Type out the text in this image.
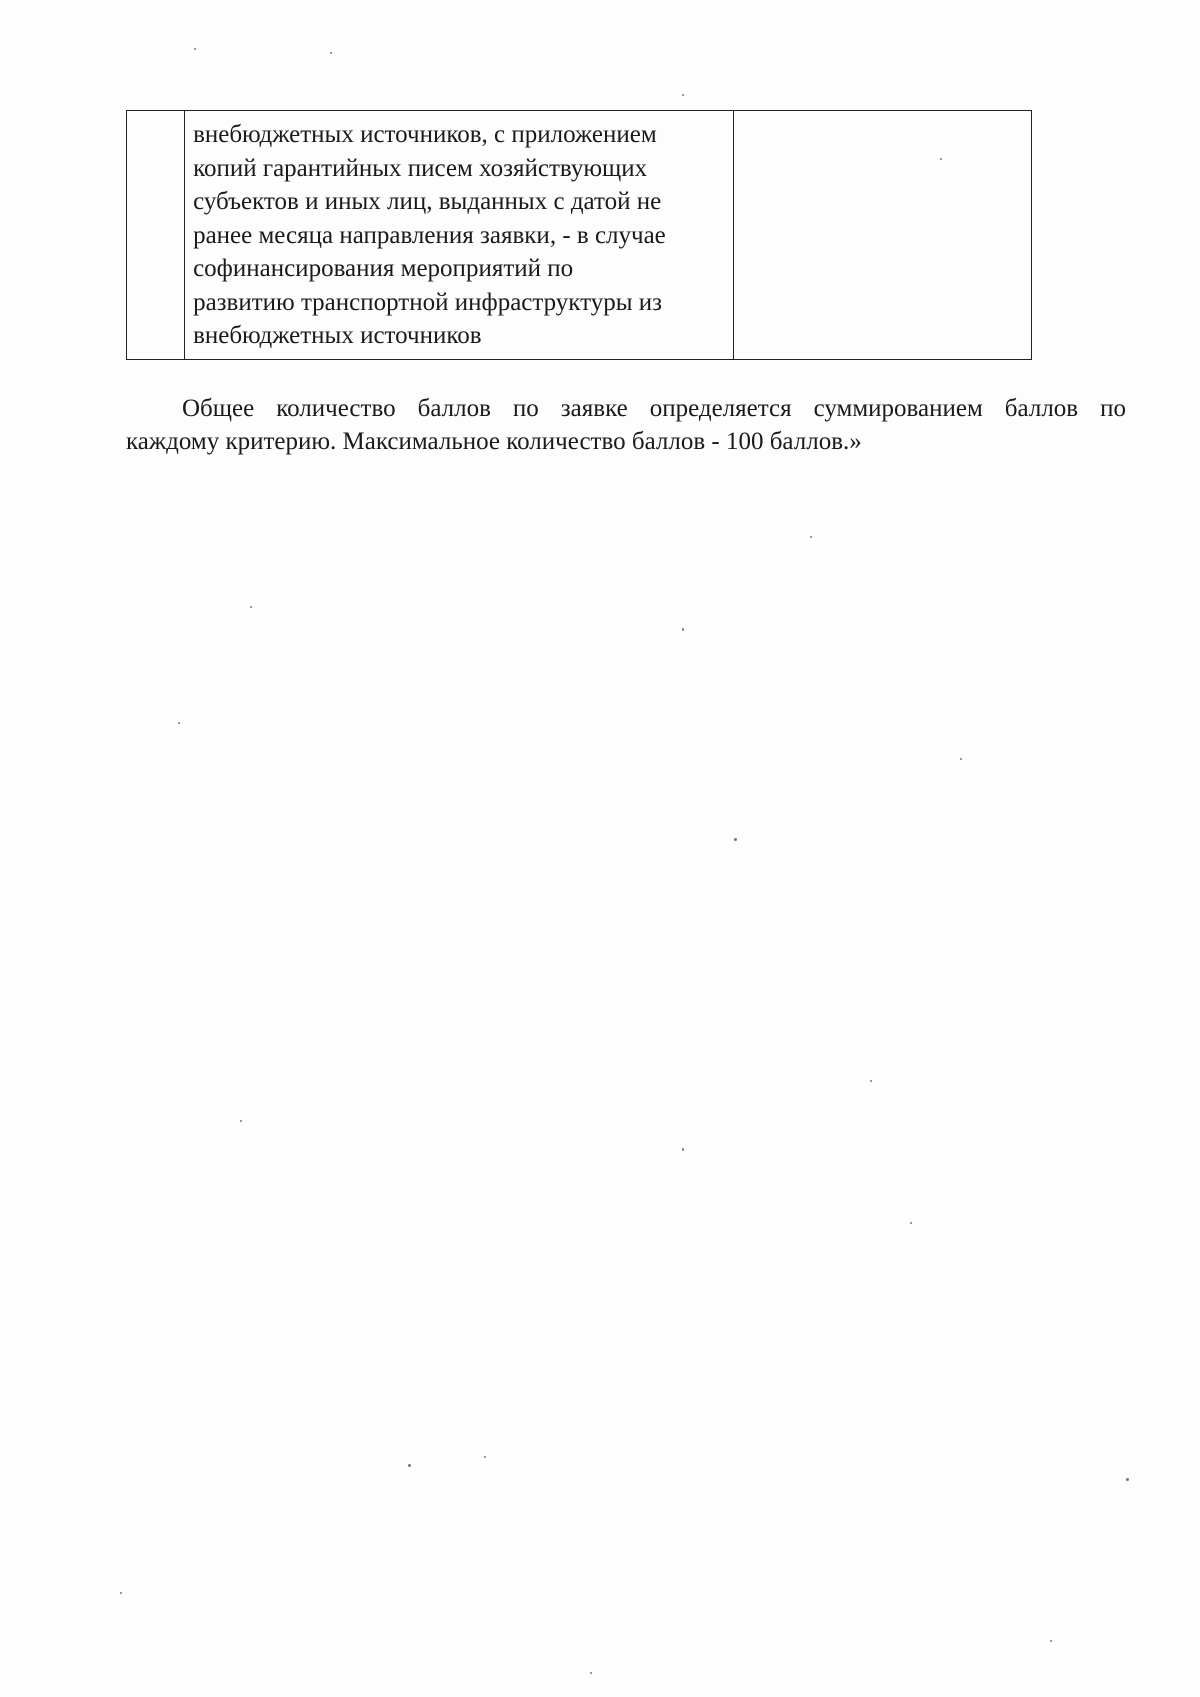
внебюджетных источников, с приложением
копий гарантийных писем хозяйствующих
субъектов и иных лиц, выданных с датой не
ранее месяца направления заявки, - в случае
софинансирования мероприятий по
развитию транспортной инфраструктуры из
внебюджетных источников

Общее количество баллов по заявке определяется суммированием баллов по
каждому критерию. Максимальное количество баллов - 100 баллов.»
